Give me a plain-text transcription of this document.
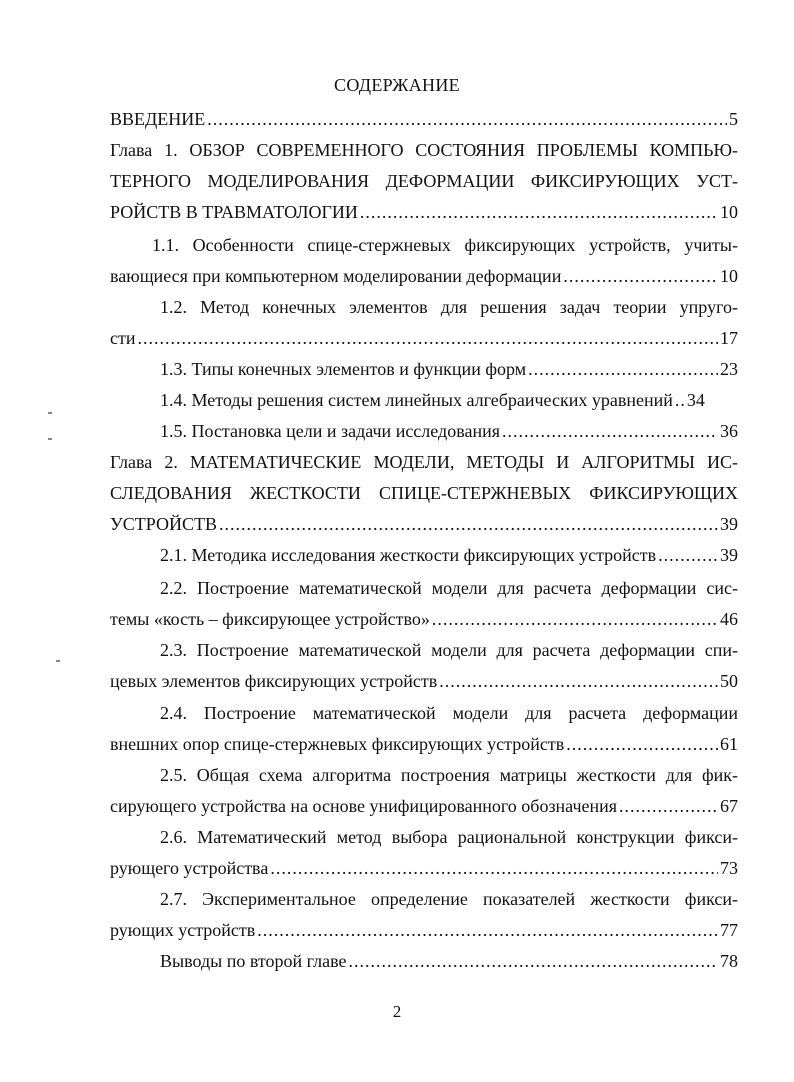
СОДЕРЖАНИЕ
ВВЕДЕНИЕ .....	5
Глава 1. ОБЗОР СОВРЕМЕННОГО СОСТОЯНИЯ ПРОБЛЕМЫ КОМПЬЮ-
ТЕРНОГО МОДЕЛИРОВАНИЯ ДЕФОРМАЦИИ ФИКСИРУЮЩИХ УСТ-
РОЙСТВ В ТРАВМАТОЛОГИИ .....	10
1.1. Особенности спице-стержневых фиксирующих устройств, учиты-
вающиеся при компьютерном моделировании деформации .....	10
1.2. Метод конечных элементов для решения задач теории упруго-
сти .....	17
1.3. Типы конечных элементов и функции форм .....	23
1.4. Методы решения систем линейных алгебраических уравнений ..... 34
1.5. Постановка цели и задачи исследования .....	36
Глава 2. МАТЕМАТИЧЕСКИЕ МОДЕЛИ, МЕТОДЫ И АЛГОРИТМЫ ИС-
СЛЕДОВАНИЯ ЖЕСТКОСТИ СПИЦЕ-СТЕРЖНЕВЫХ ФИКСИРУЮЩИХ
УСТРОЙСТВ .....	39
2.1. Методика исследования жесткости фиксирующих устройств .....	39
2.2. Построение математической модели для расчета деформации сис-
темы «кость – фиксирующее устройство» .....	46
2.3. Построение математической модели для расчета деформации спи-
цевых элементов фиксирующих устройств .....	50
2.4. Построение математической модели для расчета деформации
внешних опор спице-стержневых фиксирующих устройств .....	61
2.5. Общая схема алгоритма построения матрицы жесткости для фик-
сирующего устройства на основе унифицированного обозначения .....	67
2.6. Математический метод выбора рациональной конструкции фикси-
рующего устройства .....	73
2.7. Экспериментальное определение показателей жесткости фикси-
рующих устройств .....	77
Выводы по второй главе .....	78
2
